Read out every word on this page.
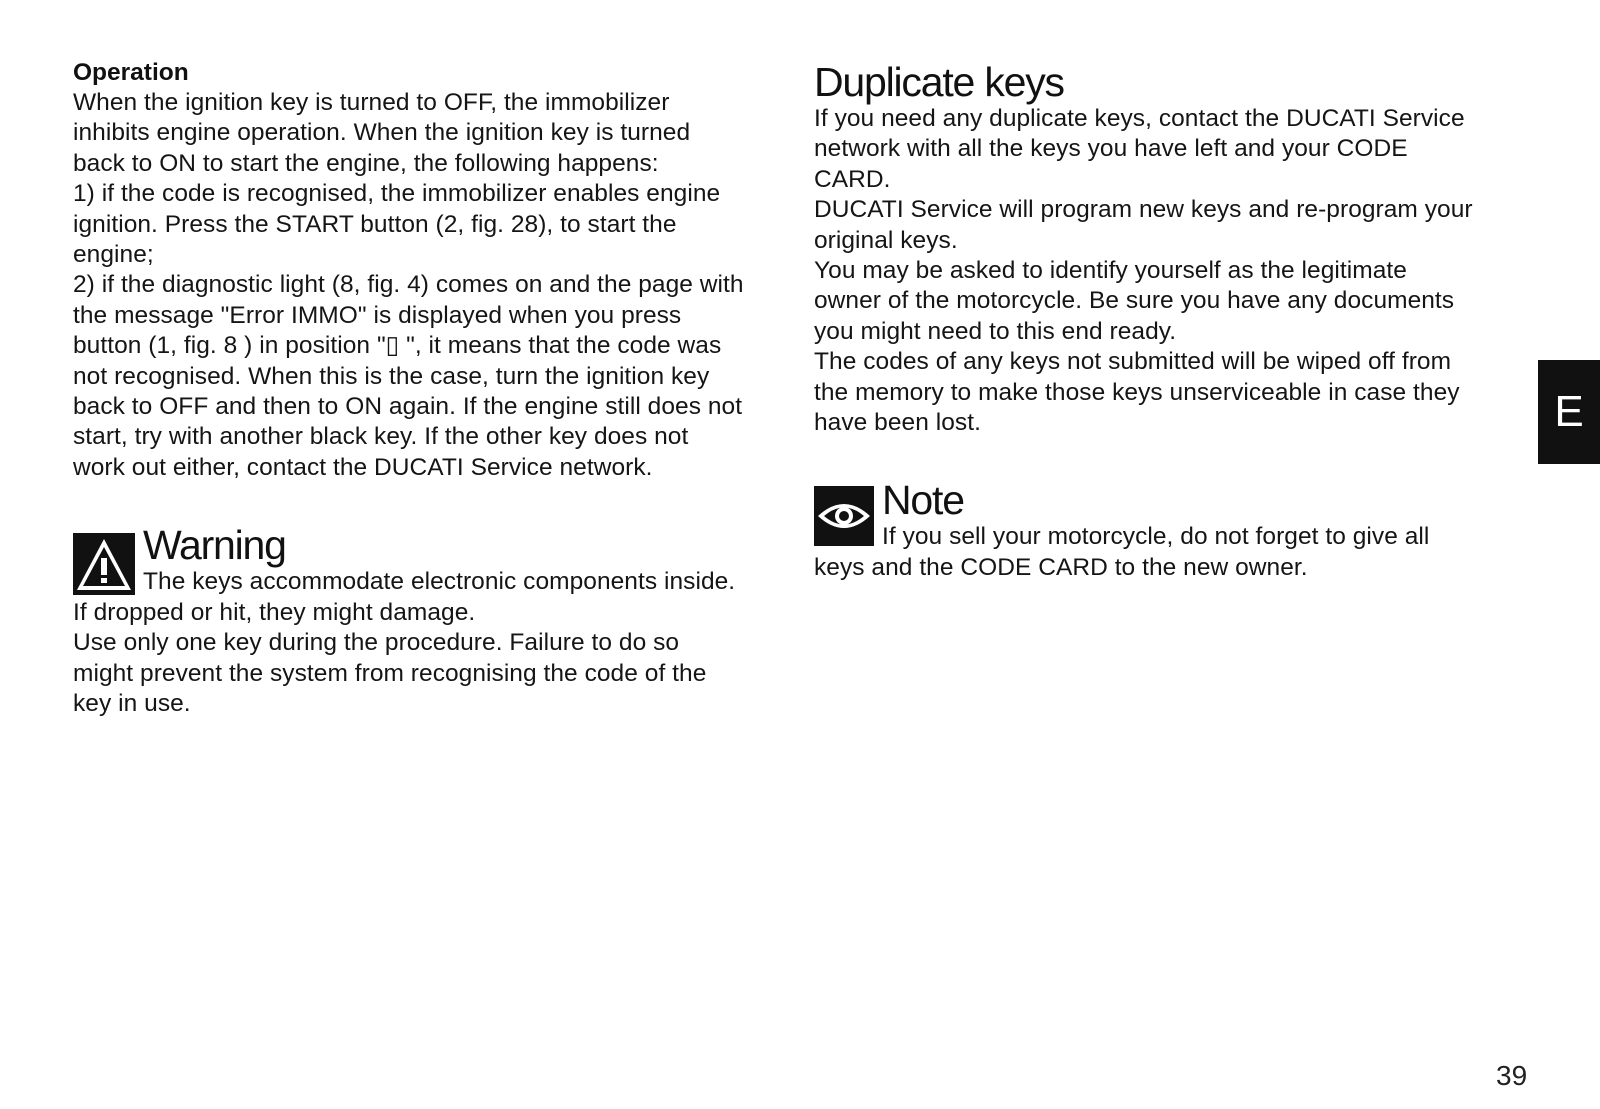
Operation

When the ignition key is turned to OFF, the immobilizer
inhibits engine operation. When the ignition key is turned
back to ON to start the engine, the following happens:
1) if the code is recognised, the immobilizer enables engine
ignition. Press the START button (2, fig. 28), to start the
engine;
2) if the diagnostic light (8, fig. 4) comes on and the page with
the message "Error IMMO" is displayed when you press
button (1, fig. 8 ) in position "▯ ", it means that the code was
not recognised. When this is the case, turn the ignition key
back to OFF and then to ON again. If the engine still does not
start, try with another black key. If the other key does not
work out either, contact the DUCATI Service network.

Warning

The keys accommodate electronic components inside.
If dropped or hit, they might damage.
Use only one key during the procedure. Failure to do so
might prevent the system from recognising the code of the
key in use.

Duplicate keys

If you need any duplicate keys, contact the DUCATI Service
network with all the keys you have left and your CODE
CARD.
DUCATI Service will program new keys and re-program your
original keys.
You may be asked to identify yourself as the legitimate
owner of the motorcycle. Be sure you have any documents
you might need to this end ready.
The codes of any keys not submitted will be wiped off from
the memory to make those keys unserviceable in case they
have been lost.

Note

If you sell your motorcycle, do not forget to give all
keys and the CODE CARD to the new owner.

E
39
